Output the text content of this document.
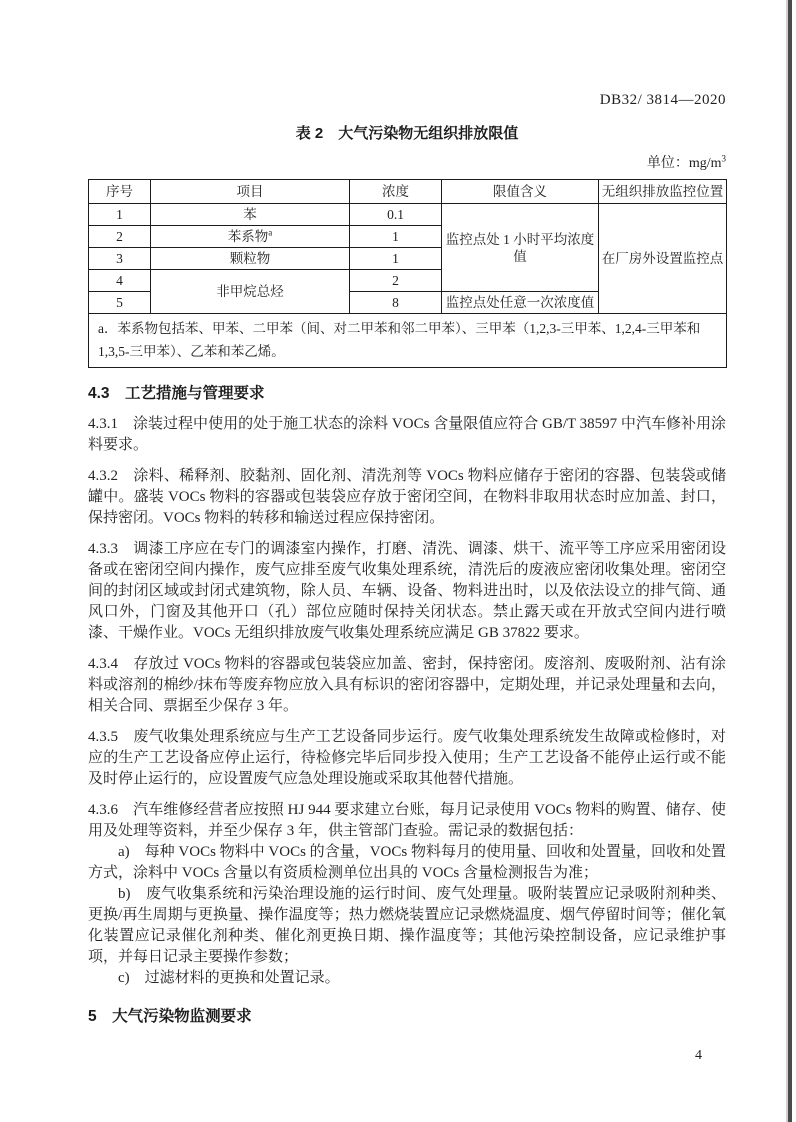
DB32/ 3814—2020
表 2　大气污染物无组织排放限值
单位：$mg/m^3$
序号	项目	浓度	限值含义	无组织排放监控位置
1	苯	0.1	监控点处 1 小时平均浓度值	在厂房外设置监控点
2	苯系物$^a$	1		
3	颗粒物	1		
4	非甲烷总烃	2		
5		8	监控点处任意一次浓度值	
a．苯系物包括苯、甲苯、二甲苯（间、对二甲苯和邻二甲苯）、三甲苯（1,2,3-三甲苯、1,2,4-三甲苯和 1,3,5-三甲苯）、乙苯和苯乙烯。				
4.3　工艺措施与管理要求
4.3.1　涂装过程中使用的处于施工状态的涂料 VOCs 含量限值应符合 GB/T 38597 中汽车修补用涂料要求。
4.3.2　涂料、稀释剂、胶黏剂、固化剂、清洗剂等 VOCs 物料应储存于密闭的容器、包装袋或储罐中。盛装 VOCs 物料的容器或包装袋应存放于密闭空间，在物料非取用状态时应加盖、封口，保持密闭。VOCs 物料的转移和输送过程应保持密闭。
4.3.3　调漆工序应在专门的调漆室内操作，打磨、清洗、调漆、烘干、流平等工序应采用密闭设备或在密闭空间内操作，废气应排至废气收集处理系统，清洗后的废液应密闭收集处理。密闭空间的封闭区域或封闭式建筑物，除人员、车辆、设备、物料进出时，以及依法设立的排气筒、通风口外，门窗及其他开口（孔）部位应随时保持关闭状态。禁止露天或在开放式空间内进行喷漆、干燥作业。VOCs 无组织排放废气收集处理系统应满足 GB 37822 要求。
4.3.4　存放过 VOCs 物料的容器或包装袋应加盖、密封，保持密闭。废溶剂、废吸附剂、沾有涂料或溶剂的棉纱/抹布等废弃物应放入具有标识的密闭容器中，定期处理，并记录处理量和去向，相关合同、票据至少保存 3 年。
4.3.5　废气收集处理系统应与生产工艺设备同步运行。废气收集处理系统发生故障或检修时，对应的生产工艺设备应停止运行，待检修完毕后同步投入使用；生产工艺设备不能停止运行或不能及时停止运行的，应设置废气应急处理设施或采取其他替代措施。
4.3.6　汽车维修经营者应按照 HJ 944 要求建立台账，每月记录使用 VOCs 物料的购置、储存、使用及处理等资料，并至少保存 3 年，供主管部门查验。需记录的数据包括：
a)　每种 VOCs 物料中 VOCs 的含量，VOCs 物料每月的使用量、回收和处置量，回收和处置方式，涂料中 VOCs 含量以有资质检测单位出具的 VOCs 含量检测报告为准；
b)　废气收集系统和污染治理设施的运行时间、废气处理量。吸附装置应记录吸附剂种类、更换/再生周期与更换量、操作温度等；热力燃烧装置应记录燃烧温度、烟气停留时间等；催化氧化装置应记录催化剂种类、催化剂更换日期、操作温度等；其他污染控制设备，应记录维护事项，并每日记录主要操作参数；
c)　过滤材料的更换和处置记录。
5　大气污染物监测要求
4
